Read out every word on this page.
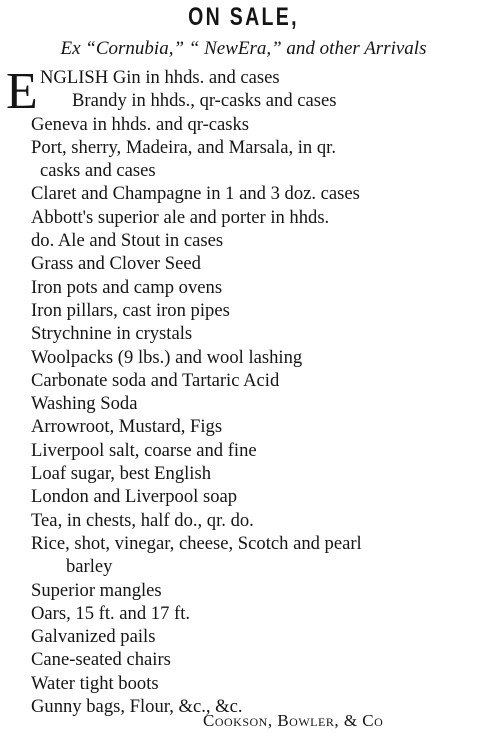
ON SALE,
Ex “Cornubia,” “ NewEra,” and other Arrivals
E NGLISH Gin in hhds. and cases
Brandy in hhds., qr-casks and cases
Geneva in hhds. and qr-casks
Port, sherry, Madeira, and Marsala, in qr.
casks and cases
Claret and Champagne in 1 and 3 doz. cases
Abbott's superior ale and porter in hhds.
do. Ale and Stout in cases
Grass and Clover Seed
Iron pots and camp ovens
Iron pillars, cast iron pipes
Strychnine in crystals
Woolpacks (9 lbs.) and wool lashing
Carbonate soda and Tartaric Acid
Washing Soda
Arrowroot, Mustard, Figs
Liverpool salt, coarse and fine
Loaf sugar, best English
London and Liverpool soap
Tea, in chests, half do., qr. do.
Rice, shot, vinegar, cheese, Scotch and pearl
barley
Superior mangles
Oars, 15 ft. and 17 ft.
Galvanized pails
Cane-seated chairs
Water tight boots
Gunny bags, Flour, &c., &c.
Cookson, Bowler, & Co
